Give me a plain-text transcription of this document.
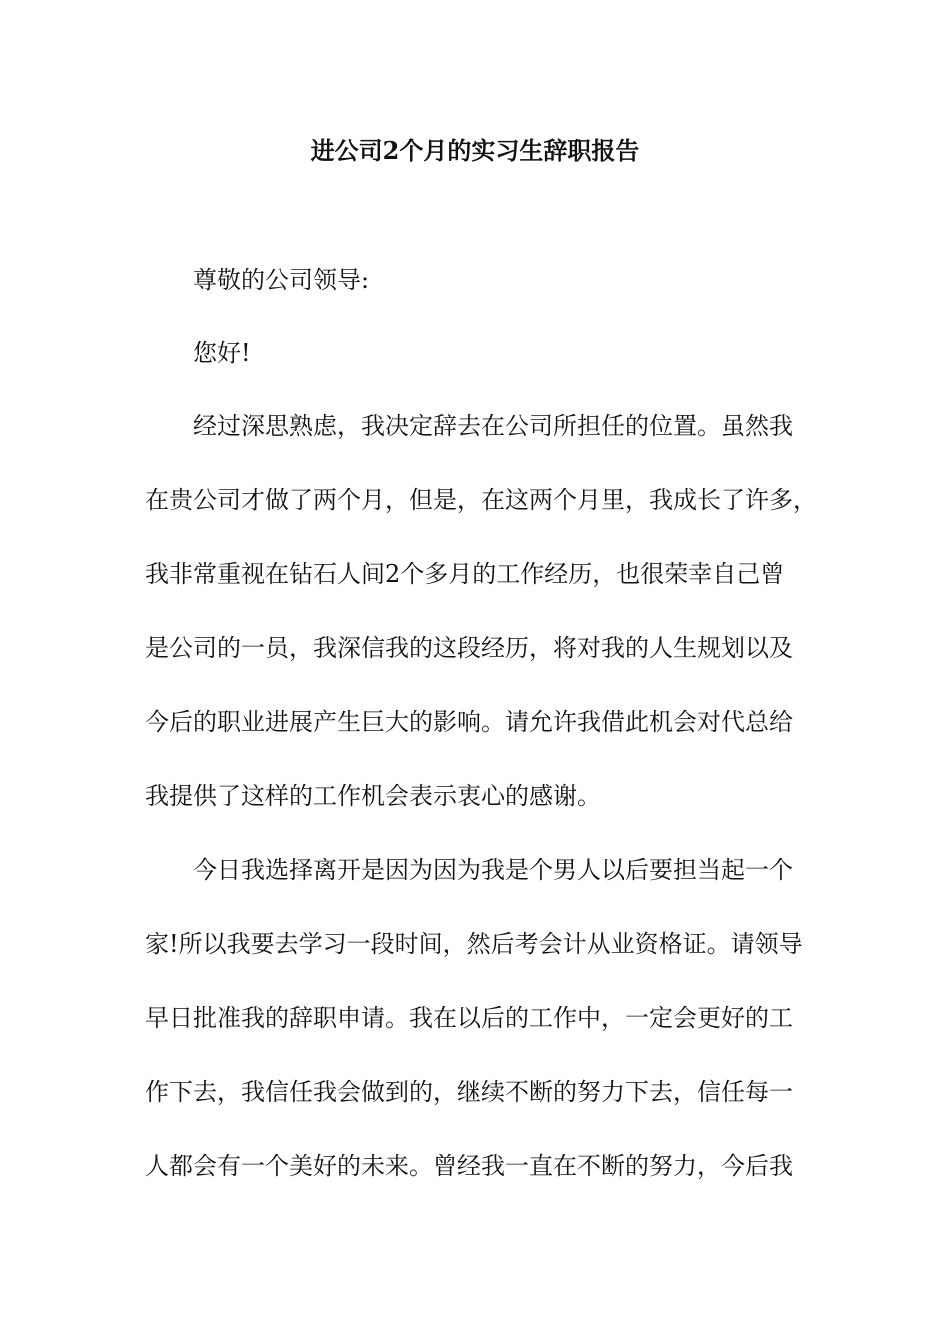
进公司2个月的实习生辞职报告

尊敬的公司领导:

您好!

经过深思熟虑，我决定辞去在公司所担任的位置。虽然我

在贵公司才做了两个月，但是，在这两个月里，我成长了许多，

我非常重视在钻石人间2个多月的工作经历，也很荣幸自己曾

是公司的一员，我深信我的这段经历，将对我的人生规划以及

今后的职业进展产生巨大的影响。请允许我借此机会对代总给

我提供了这样的工作机会表示衷心的感谢。

今日我选择离开是因为因为我是个男人以后要担当起一个

家!所以我要去学习一段时间，然后考会计从业资格证。请领导

早日批准我的辞职申请。我在以后的工作中，一定会更好的工

作下去，我信任我会做到的，继续不断的努力下去，信任每一

人都会有一个美好的未来。曾经我一直在不断的努力，今后我
